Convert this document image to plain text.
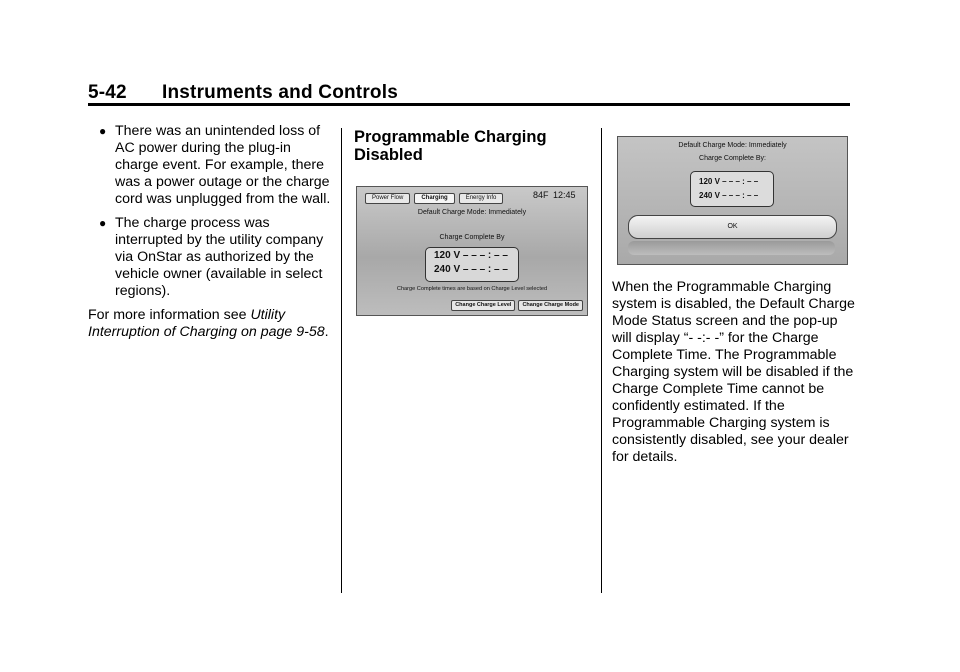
5-42 Instruments and Controls
● There was an unintended loss of AC power during the plug-in charge event. For example, there was a power outage or the charge cord was unplugged from the wall.
● The charge process was interrupted by the utility company via OnStar as authorized by the vehicle owner (available in select regions).

For more information see Utility Interruption of Charging on page 9-58.

Programmable Charging
Disabled

Power Flow	Charging	Energy Info	84F 12:45
Default Charge Mode: Immediately
Charge Complete By
120 V – – – : – –
240 V – – – : – –
Charge Complete times are based on Charge Level selected
Change Charge Level	Change Charge Mode
Default Charge Mode: Immediately
Charge Complete By:
120 V – – – : – –
240 V – – – : – –
OK

When the Programmable Charging system is disabled, the Default Charge Mode Status screen and the pop-up will display “- -:- -” for the Charge Complete Time. The Programmable Charging system will be disabled if the Charge Complete Time cannot be confidently estimated. If the Programmable Charging system is consistently disabled, see your dealer for details.
